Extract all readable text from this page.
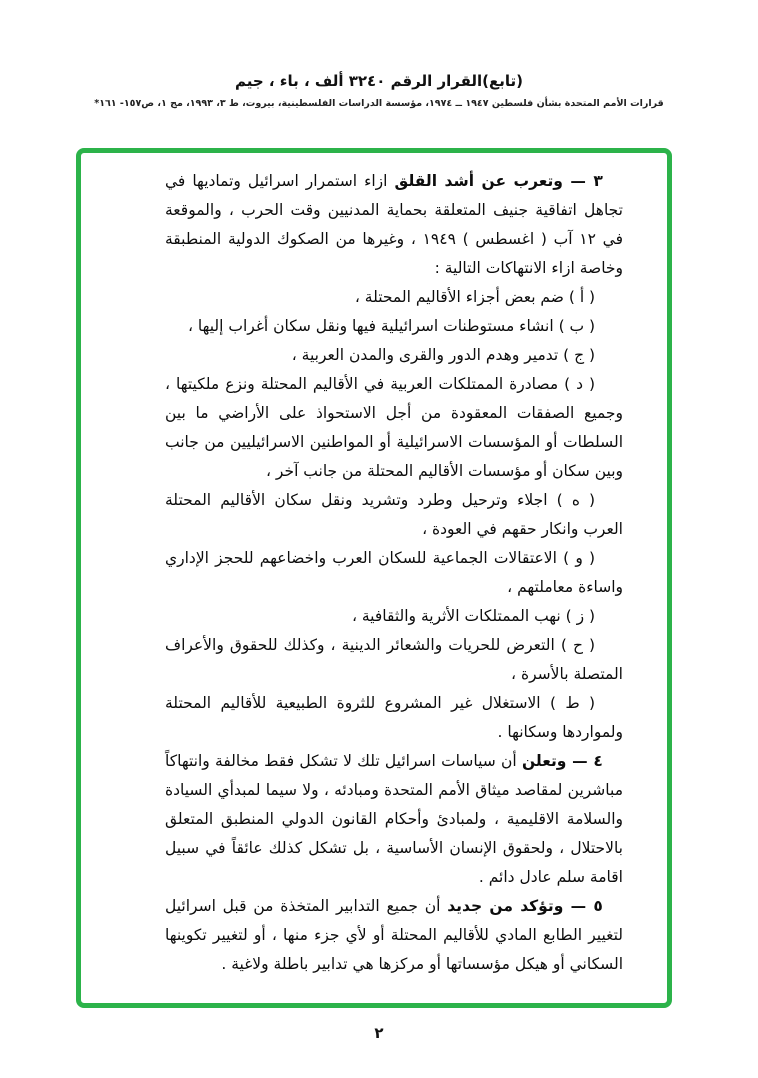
(تابع)القرار الرقم ٣٢٤٠ ألف ، باء ، جيم
قرارات الأمم المتحدة بشأن فلسطين ١٩٤٧ ــ ١٩٧٤، مؤسسة الدراسات الفلسطينية، بيروت، ط ٣، ١٩٩٣، مج ١، ص١٥٧- ١٦١*

٣ — وتعرب عن أشد القلق ازاء استمرار اسرائيل وتماديها في تجاهل اتفاقية جنيف المتعلقة بحماية المدنيين وقت الحرب ، والموقعة في ١٢ آب ( اغسطس ) ١٩٤٩ ، وغيرها من الصكوك الدولية المنطبقة وخاصة ازاء الانتهاكات التالية :

( أ ) ضم بعض أجزاء الأقاليم المحتلة ،

( ب ) انشاء مستوطنات اسرائيلية فيها ونقل سكان أغراب إليها ،

( ج ) تدمير وهدم الدور والقرى والمدن العربية ،

( د ) مصادرة الممتلكات العربية في الأقاليم المحتلة ونزع ملكيتها ، وجميع الصفقات المعقودة من أجل الاستحواذ على الأراضي ما بين السلطات أو المؤسسات الاسرائيلية أو المواطنين الاسرائيليين من جانب وبين سكان أو مؤسسات الأقاليم المحتلة من جانب آخر ،

( ه ) اجلاء وترحيل وطرد وتشريد ونقل سكان الأقاليم المحتلة العرب وانكار حقهم في العودة ،

( و ) الاعتقالات الجماعية للسكان العرب واخضاعهم للحجز الإداري واساءة معاملتهم ،

( ز ) نهب الممتلكات الأثرية والثقافية ،

( ح ) التعرض للحريات والشعائر الدينية ، وكذلك للحقوق والأعراف المتصلة بالأسرة ،

( ط ) الاستغلال غير المشروع للثروة الطبيعية للأقاليم المحتلة ولمواردها وسكانها .

٤ — وتعلن أن سياسات اسرائيل تلك لا تشكل فقط مخالفة وانتهاكاً مباشرين لمقاصد ميثاق الأمم المتحدة ومبادئه ، ولا سيما لمبدأي السيادة والسلامة الاقليمية ، ولمبادئ وأحكام القانون الدولي المنطبق المتعلق بالاحتلال ، ولحقوق الإنسان الأساسية ، بل تشكل كذلك عائقاً في سبيل اقامة سلم عادل دائم .

٥ — وتؤكد من جديد أن جميع التدابير المتخذة من قبل اسرائيل لتغيير الطابع المادي للأقاليم المحتلة أو لأي جزء منها ، أو لتغيير تكوينها السكاني أو هيكل مؤسساتها أو مركزها هي تدابير باطلة ولاغية .

٢
